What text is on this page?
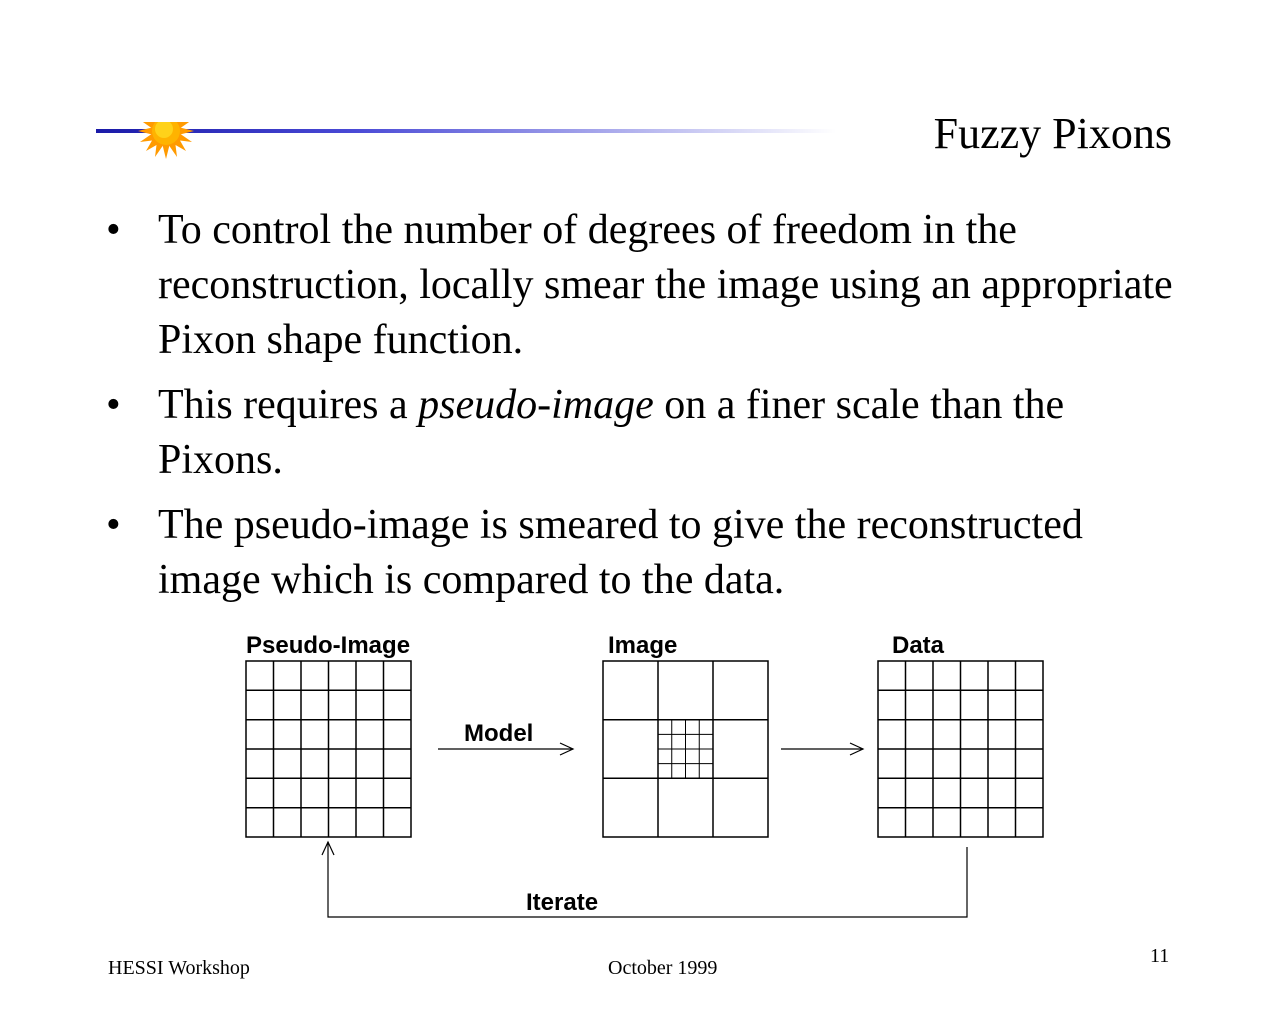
Fuzzy Pixons
• To control the number of degrees of freedom in the reconstruction, locally smear the image using an appropriate Pixon shape function.
• This requires a pseudo-image on a finer scale than the Pixons.
• The pseudo-image is smeared to give the reconstructed image which is compared to the data.
Pseudo-Image	Image	Data
Model
Iterate
HESSI Workshop	October 1999
11
